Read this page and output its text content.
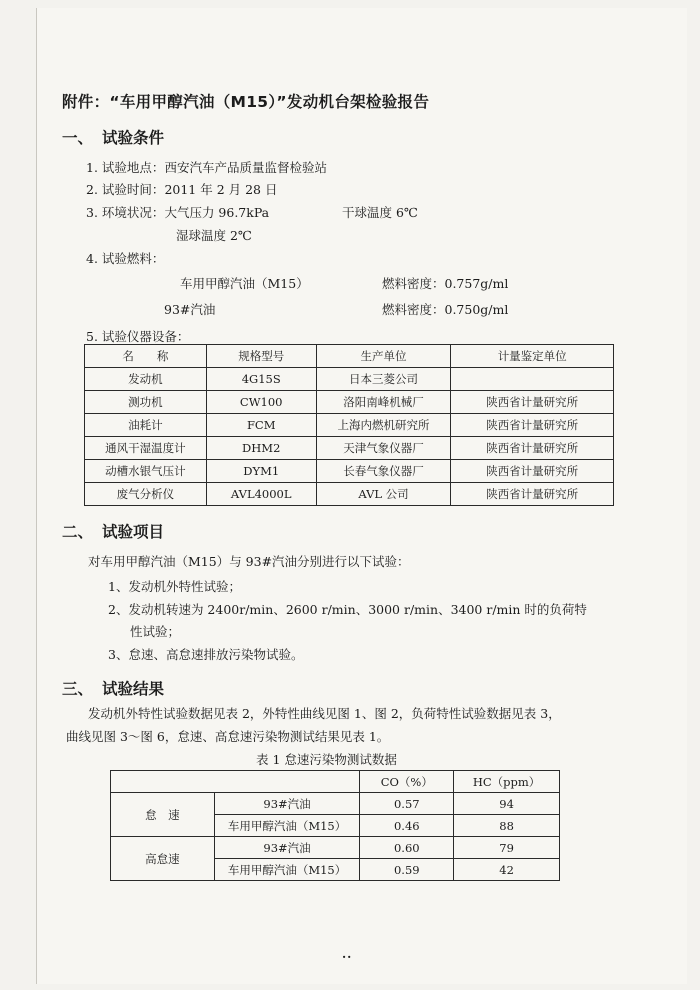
附件：“车用甲醇汽油（M15）”发动机台架检验报告
一、 试验条件
1. 试验地点：西安汽车产品质量监督检验站
2. 试验时间：2011 年 2 月 28 日
3. 环境状况：大气压力 96.7kPa	干球温度 6℃
湿球温度 2℃
4. 试验燃料：
车用甲醇汽油（M15）	燃料密度：0.757g/ml
93#汽油	燃料密度：0.750g/ml
5. 试验仪器设备：
名　　称	规格型号	生产单位	计量鉴定单位
发动机	4G15S	日本三菱公司	
测功机	CW100	洛阳南峰机械厂	陕西省计量研究所
油耗计	FCM	上海内燃机研究所	陕西省计量研究所
通风干湿温度计	DHM2	天津气象仪器厂	陕西省计量研究所
动槽水银气压计	DYM1	长春气象仪器厂	陕西省计量研究所
废气分析仪	AVL4000L	AVL 公司	陕西省计量研究所
二、 试验项目
对车用甲醇汽油（M15）与 93#汽油分别进行以下试验：
1、发动机外特性试验；
2、发动机转速为 2400r/min、2600 r/min、3000 r/min、3400 r/min 时的负荷特
性试验；
3、怠速、高怠速排放污染物试验。
三、 试验结果
发动机外特性试验数据见表 2，外特性曲线见图 1、图 2，负荷特性试验数据见表 3，
曲线见图 3～图 6，怠速、高怠速污染物测试结果见表 1。
表 1 怠速污染物测试数据
		CO（%）	HC（ppm）
怠　速	93#汽油	0.57	94
	车用甲醇汽油（M15）	0.46	88
高怠速	93#汽油	0.60	79
	车用甲醇汽油（M15）	0.59	42
··
